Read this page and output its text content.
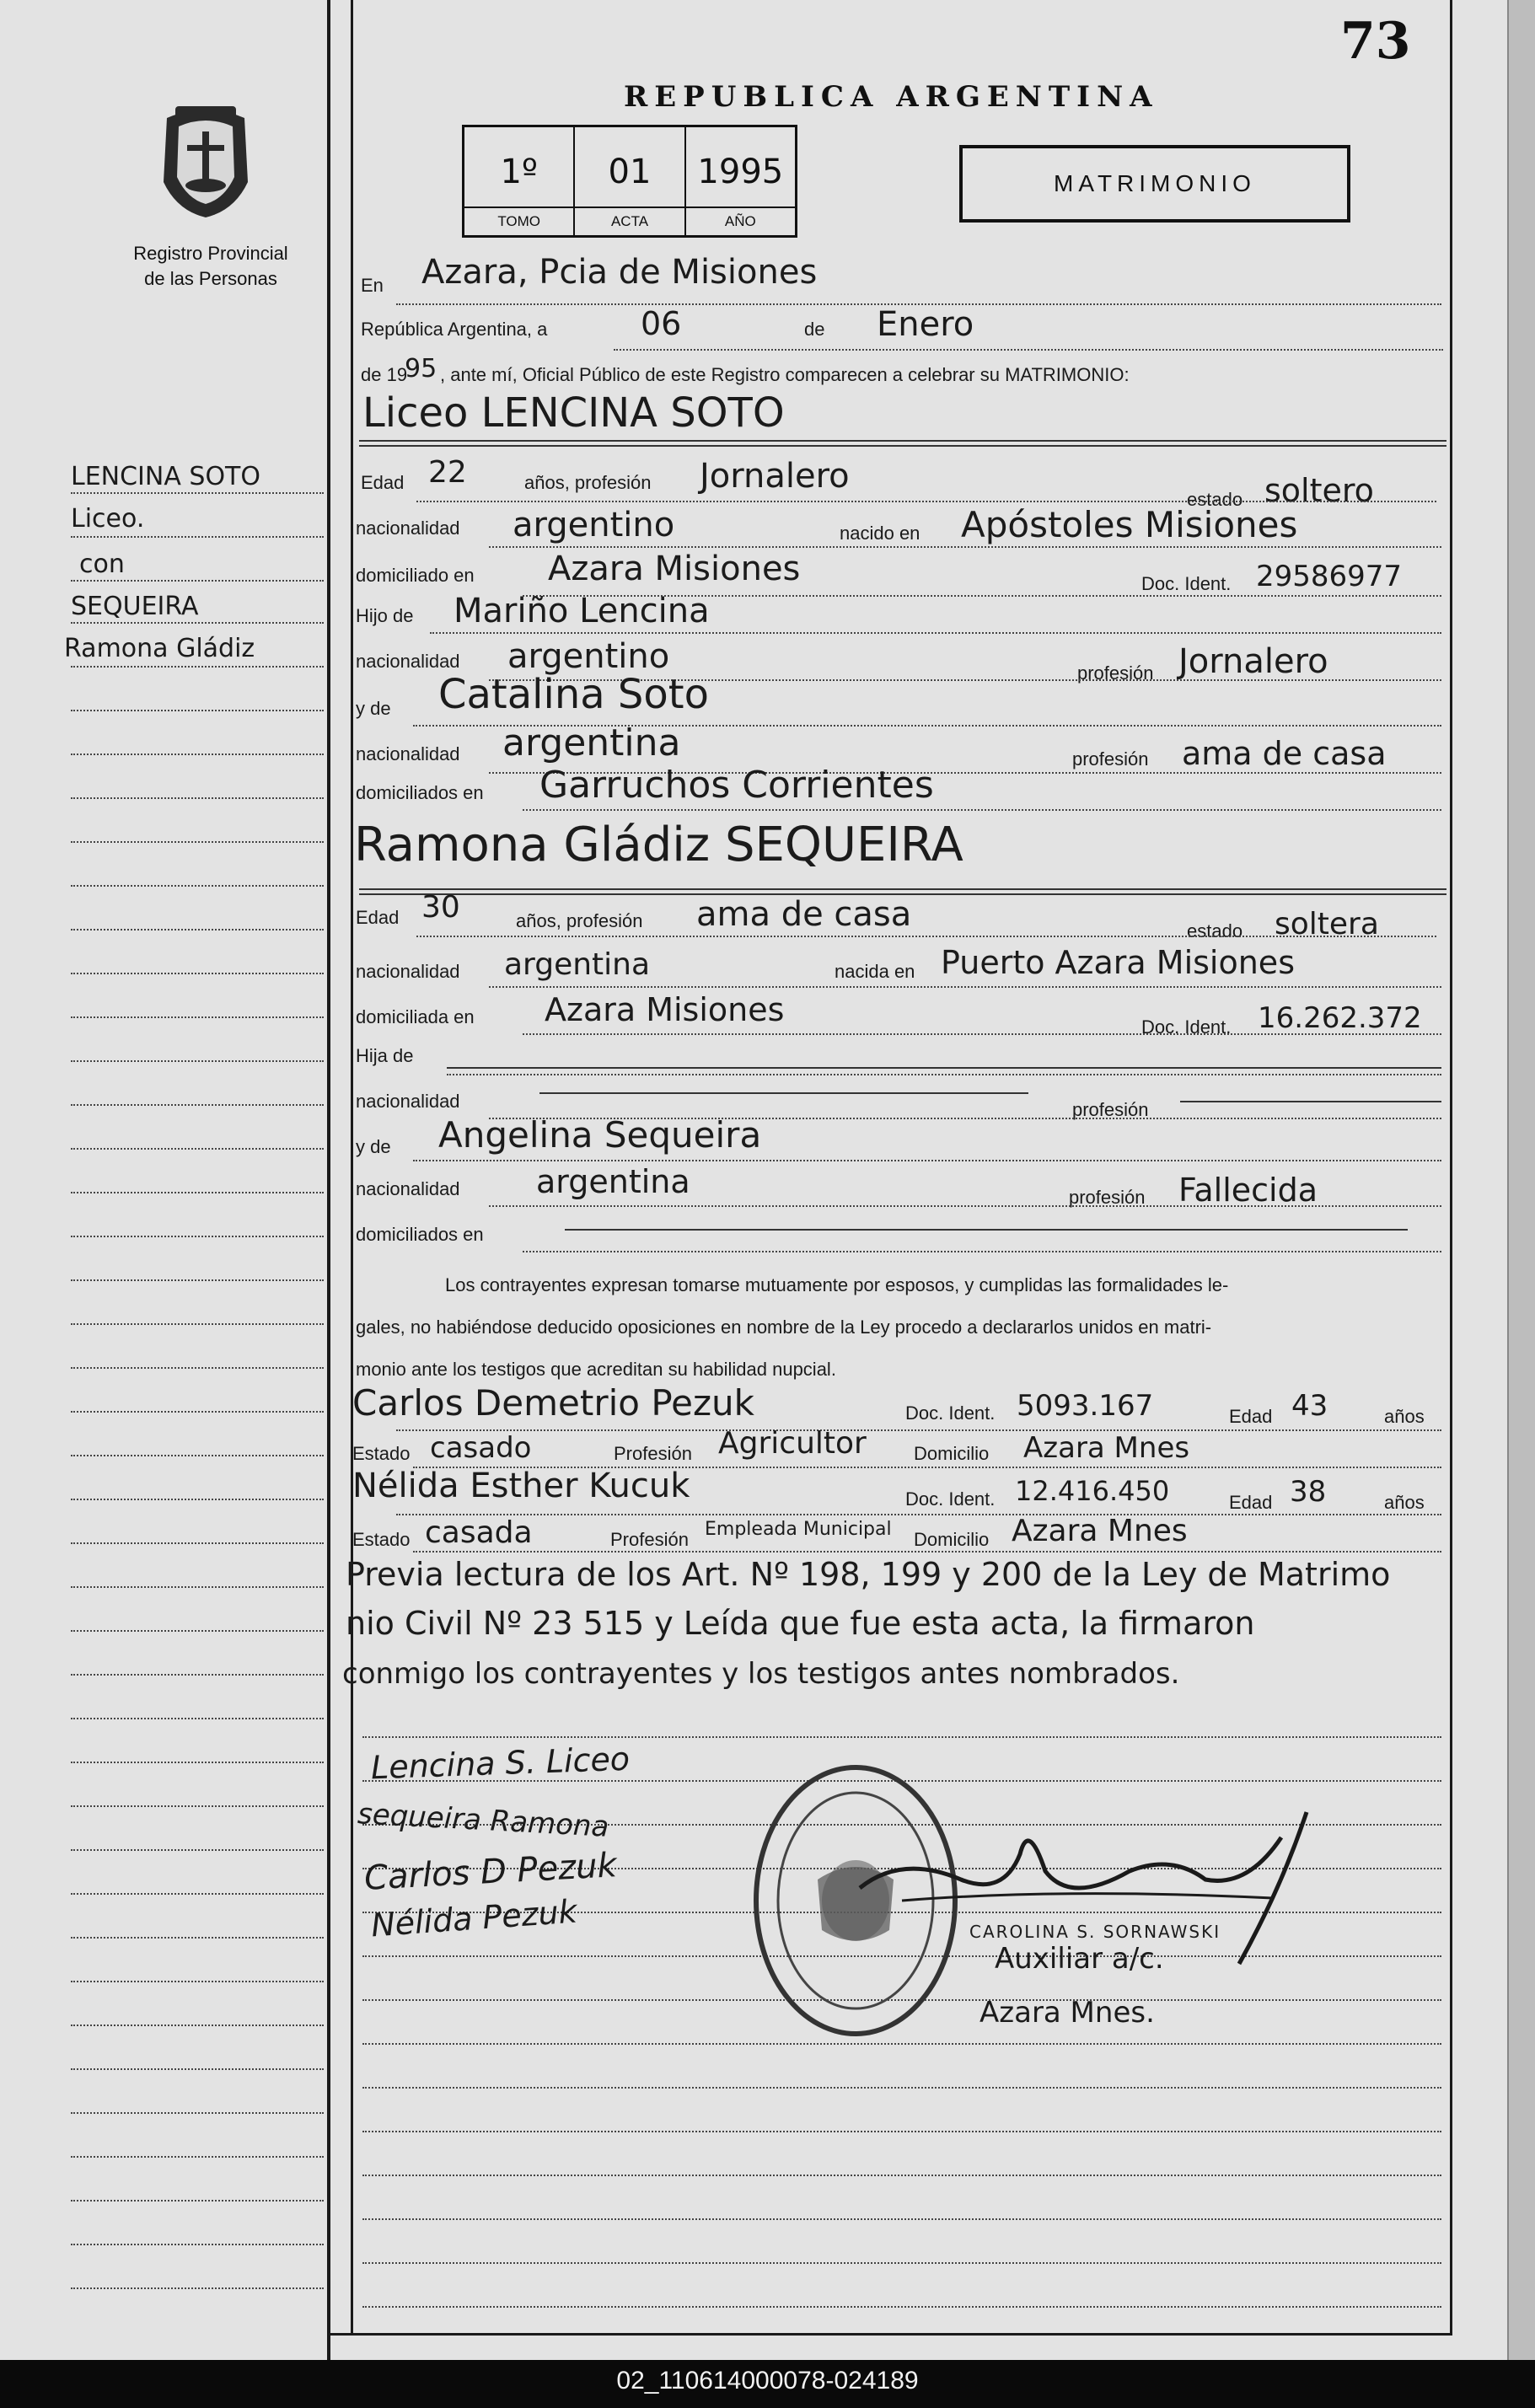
73
REPUBLICA ARGENTINA
Registro Provincial
de las Personas
1º
TOMO
01
ACTA
1995
AÑO
MATRIMONIO
LENCINA SOTO
Liceo.
con
SEQUEIRA
Ramona Gládiz
En Azara, Pcia de Misiones
República Argentina, a	06	de Enero
de 19
95 , ante mí, Oficial Público de este Registro comparecen a celebrar su MATRIMONIO:
Liceo LENCINA SOTO
Edad 22	años, profesión Jornalero
estado soltero
nacionalidad argentino	nacido en Apóstoles Misiones
domiciliado en Azara Misiones	Doc. Ident. 29586977
Hijo de Mariño Lencina
nacionalidad argentino	profesión Jornalero
y de Catalina Soto
nacionalidad argentina	profesión ama de casa
domiciliados en Garruchos Corrientes
Ramona Gládiz SEQUEIRA
Edad 30	años, profesión ama de casa	estado soltera
nacionalidad argentina	nacida en Puerto Azara Misiones
domiciliada en Azara Misiones	Doc. Ident. 16.262.372
Hija de
nacionalidad	profesión
y de Angelina Sequeira
nacionalidad argentina	profesión Fallecida
domiciliados en
Los contrayentes expresan tomarse mutuamente por esposos, y cumplidas las formalidades le-
gales, no habiéndose deducido oposiciones en nombre de la Ley procedo a declararlos unidos en matri-
monio ante los testigos que acreditan su habilidad nupcial.
Carlos Demetrio Pezuk	Doc. Ident. 5093.167	Edad 43	años
Estado casado	Profesión Agricultor	Domicilio Azara Mnes
Nélida Esther Kucuk	Doc. Ident. 12.416.450	Edad 38	años
Estado casada	Profesión Empleada Municipal Domicilio Azara Mnes
Previa lectura de los Art. Nº 198, 199 y 200 de la Ley de Matrimo
nio Civil Nº 23 515 y Leída que fue esta acta, la firmaron
conmigo los contrayentes y los testigos antes nombrados.
Lencina S. Liceo
sequeira Ramona
Carlos D Pezuk
Nélida Pezuk	CAROLINA S. SORNAWSKI
Auxiliar a/c.
Azara Mnes.
02_110614000078-024189
